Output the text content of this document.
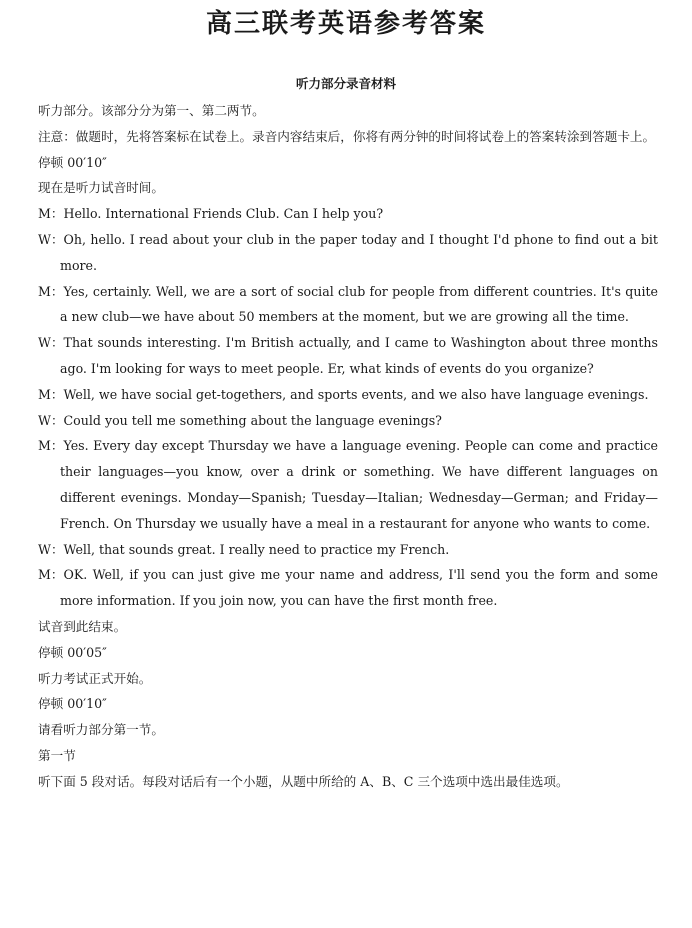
高三联考英语参考答案
听力部分录音材料

听力部分。该部分分为第一、第二两节。

注意：做题时，先将答案标在试卷上。录音内容结束后，你将有两分钟的时间将试卷上的答案转涂到答题卡上。

停顿 00′10″

现在是听力试音时间。

M：Hello. International Friends Club. Can I help you?

W：Oh, hello. I read about your club in the paper today and I thought I'd phone to find out a bit more.

M：Yes, certainly. Well, we are a sort of social club for people from different countries. It's quite a new club—we have about 50 members at the moment, but we are growing all the time.

W：That sounds interesting. I'm British actually, and I came to Washington about three months ago. I'm looking for ways to meet people. Er, what kinds of events do you organize?

M：Well, we have social get-togethers, and sports events, and we also have language evenings.

W：Could you tell me something about the language evenings?

M：Yes. Every day except Thursday we have a language evening. People can come and practice their languages—you know, over a drink or something. We have different languages on different evenings. Monday—Spanish; Tuesday—Italian; Wednesday—German; and Friday—French. On Thursday we usually have a meal in a restaurant for anyone who wants to come.

W：Well, that sounds great. I really need to practice my French.

M：OK. Well, if you can just give me your name and address, I'll send you the form and some more information. If you join now, you can have the first month free.

试音到此结束。

停顿 00′05″

听力考试正式开始。

停顿 00′10″

请看听力部分第一节。

第一节

听下面 5 段对话。每段对话后有一个小题，从题中所给的 A、B、C 三个选项中选出最佳选项。
